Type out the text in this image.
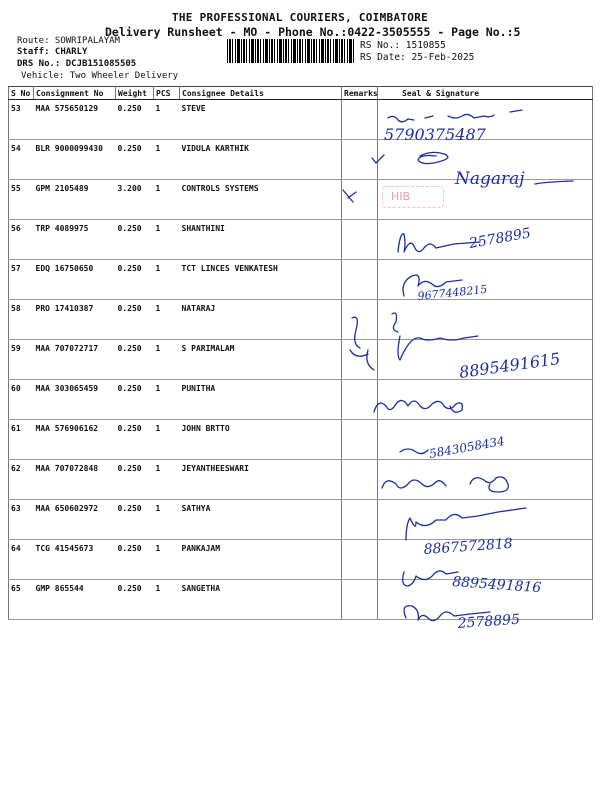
THE PROFESSIONAL COURIERS, COIMBATORE
Delivery Runsheet - MO - Phone No.:0422-3505555 - Page No.:5
Route: SOWRIPALAYAM
Staff: CHARLY
DRS No.: DCJB151085505
Vehicle: Two Wheeler Delivery
RS No.: 1510855
RS Date: 25-Feb-2025
S No	Consignment No	Weight	PCS	Consignee Details	Remarks	Seal & Signature
53	MAA 575650129	0.250	1	STEVE		
54	BLR 9000099430	0.250	1	VIDULA KARTHIK		
55	GPM 2105489	3.200	1	CONTROLS SYSTEMS		
56	TRP 4089975	0.250	1	SHANTHINI		
57	EDQ 16750650	0.250	1	TCT LINCES VENKATESH		
58	PRO 17410387	0.250	1	NATARAJ		
59	MAA 707072717	0.250	1	S PARIMALAM		
60	MAA 303065459	0.250	1	PUNITHA		
61	MAA 576906162	0.250	1	JOHN BRTTO		
62	MAA 707072848	0.250	1	JEYANTHEESWARI		
63	MAA 650602972	0.250	1	SATHYA		
64	TCG 41545673	0.250	1	PANKAJAM		
65	GMP 865544	0.250	1	SANGETHA		
5790375487
Nagaraj
2578895
9677448215
8895491615
5843058434
8867572818
8895491816
2578895
HIB
